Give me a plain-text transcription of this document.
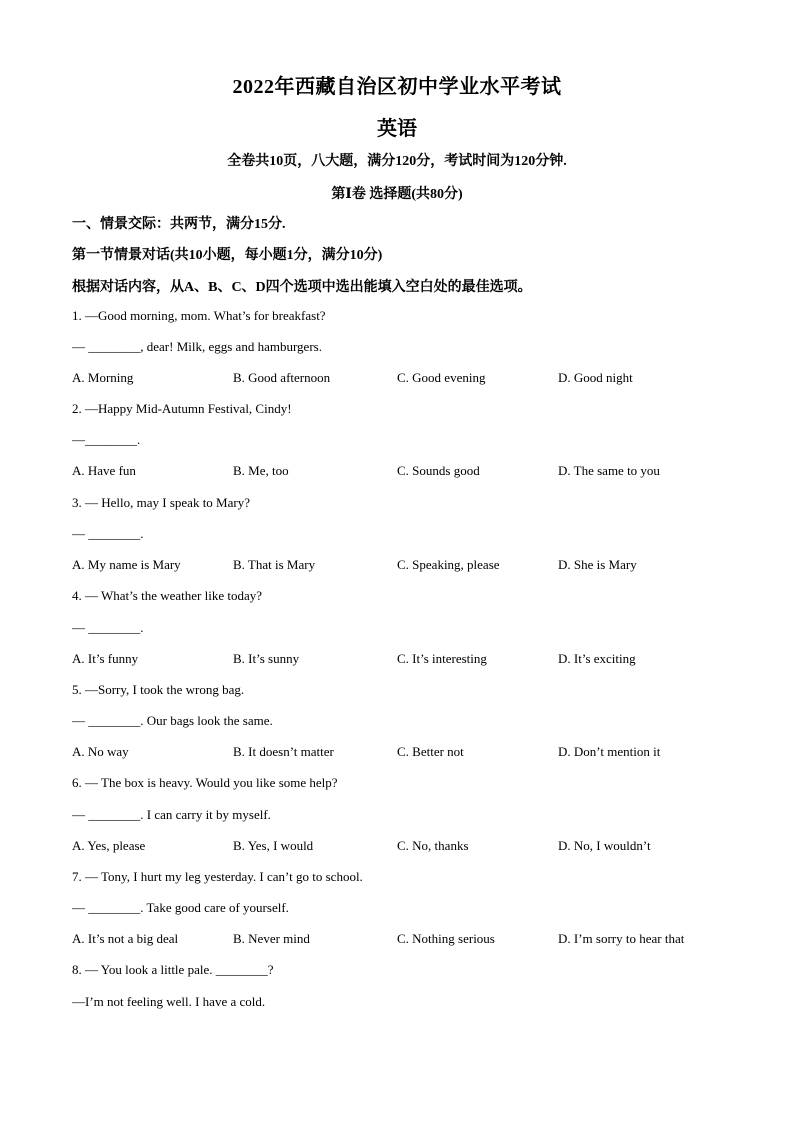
2022年西藏自治区初中学业水平考试
英语
全卷共10页，八大题，满分120分，考试时间为120分钟.
第Ⅰ卷 选择题(共80分)
一、情景交际：共两节，满分15分.
第一节情景对话(共10小题，每小题1分，满分10分)
根据对话内容，从A、B、C、D四个选项中选出能填入空白处的最佳选项。
1. —Good morning, mom. What’s for breakfast?
— ________, dear! Milk, eggs and hamburgers.
A. Morning	B. Good afternoon	C. Good evening	D. Good night
2. —Happy Mid-Autumn Festival, Cindy!
—________.
A. Have fun	B. Me, too	C. Sounds good	D. The same to you
3. — Hello, may I speak to Mary?
— ________.
A. My name is Mary	B. That is Mary	C. Speaking, please	D. She is Mary
4. — What’s the weather like today?
— ________.
A. It’s funny	B. It’s sunny	C. It’s interesting	D. It’s exciting
5. —Sorry, I took the wrong bag.
— ________. Our bags look the same.
A. No way	B. It doesn’t matter	C. Better not	D. Don’t mention it
6. — The box is heavy. Would you like some help?
— ________. I can carry it by myself.
A. Yes, please	B. Yes, I would	C. No, thanks	D. No, I wouldn’t
7. — Tony, I hurt my leg yesterday. I can’t go to school.
— ________. Take good care of yourself.
A. It’s not a big deal	B. Never mind	C. Nothing serious	D. I’m sorry to hear that
8. — You look a little pale. ________?
—I’m not feeling well. I have a cold.
